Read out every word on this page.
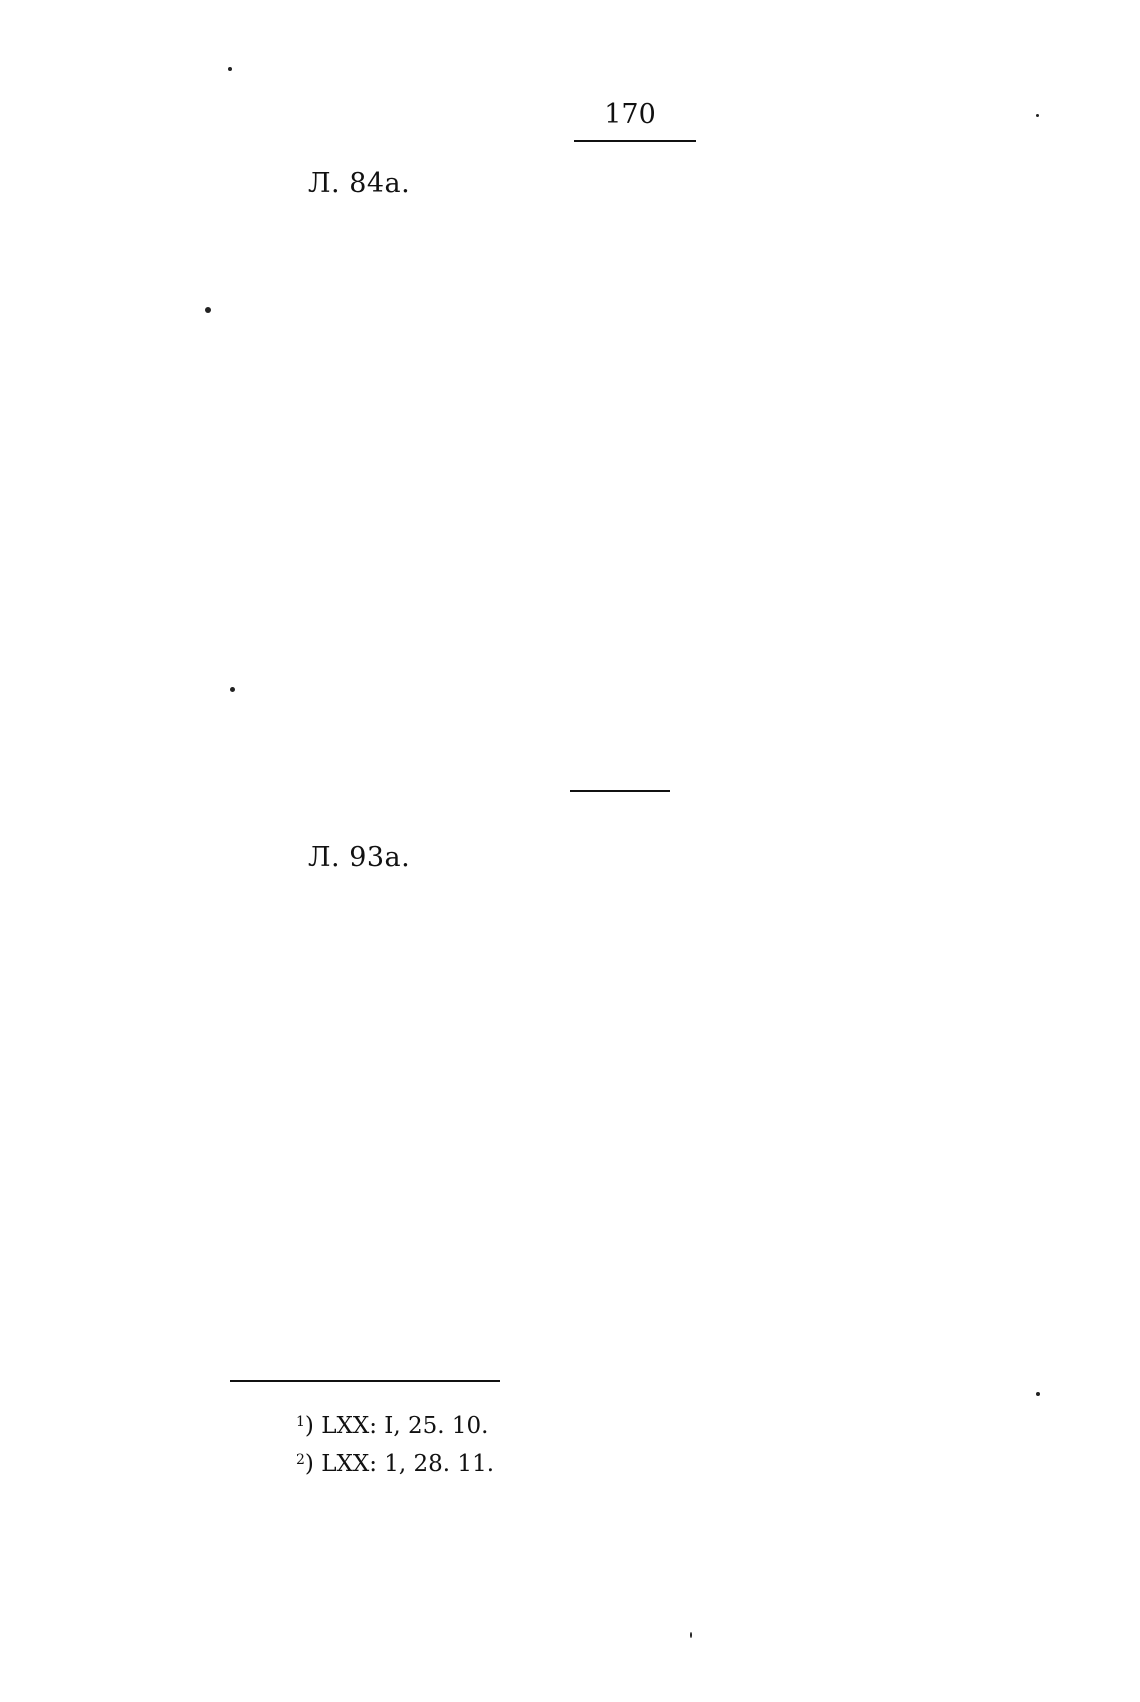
170
Л. 84а.
Л. 93а.
$^1$) LXX: I, 25. 10.
$^2$) LXX: 1, 28. 11.
